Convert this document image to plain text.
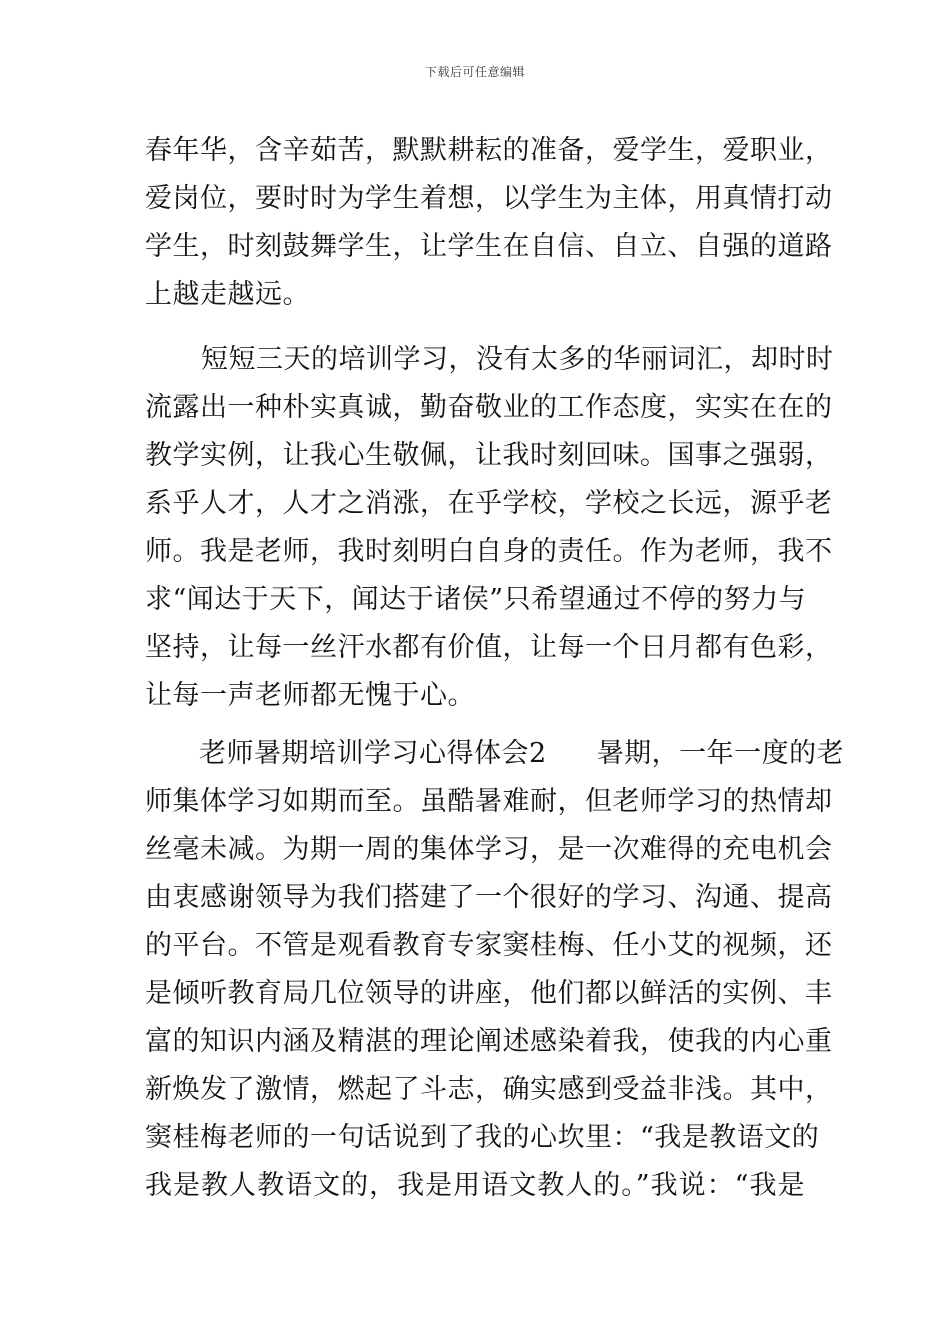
下载后可任意编辑
春年华，含辛茹苦，默默耕耘的准备，爱学生，爱职业，
爱岗位，要时时为学生着想，以学生为主体，用真情打动
学生，时刻鼓舞学生，让学生在自信、自立、自强的道路
上越走越远。
短短三天的培训学习，没有太多的华丽词汇，却时时
流露出一种朴实真诚，勤奋敬业的工作态度，实实在在的
教学实例，让我心生敬佩，让我时刻回味。国事之强弱，
系乎人才，人才之消涨，在乎学校，学校之长远，源乎老
师。我是老师，我时刻明白自身的责任。作为老师，我不
求“闻达于天下，闻达于诸侯”只希望通过不停的努力与
坚持，让每一丝汗水都有价值，让每一个日月都有色彩，
让每一声老师都无愧于心。
老师暑期培训学习心得体会2 暑期，一年一度的老
师集体学习如期而至。虽酷暑难耐，但老师学习的热情却
丝毫未减。为期一周的集体学习，是一次难得的充电机会
由衷感谢领导为我们搭建了一个很好的学习、沟通、提高
的平台。不管是观看教育专家窦桂梅、任小艾的视频，还
是倾听教育局几位领导的讲座，他们都以鲜活的实例、丰
富的知识内涵及精湛的理论阐述感染着我，使我的内心重
新焕发了激情，燃起了斗志，确实感到受益非浅。其中，
窦桂梅老师的一句话说到了我的心坎里：“我是教语文的
我是教人教语文的，我是用语文教人的。”我说：“我是
